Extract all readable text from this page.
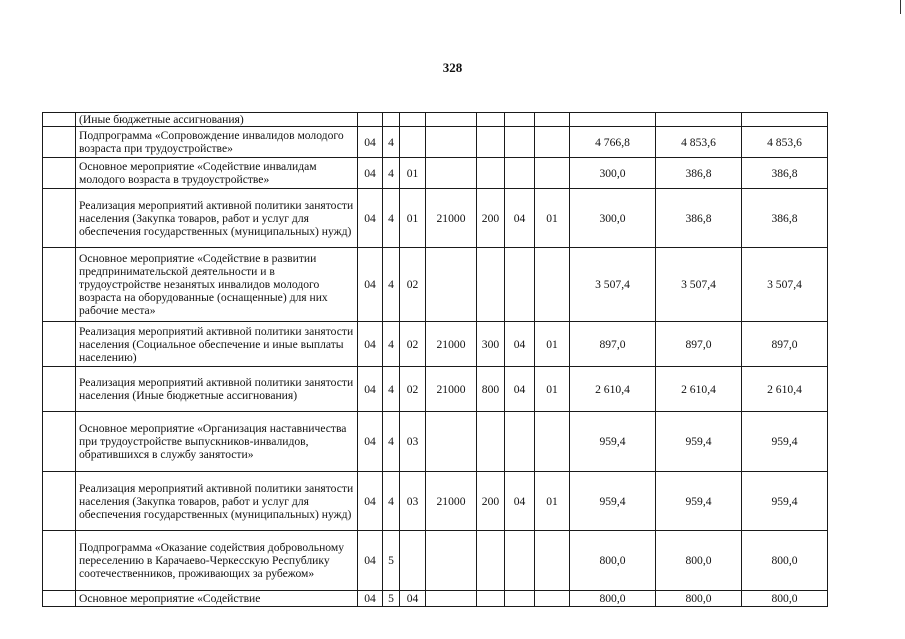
328
	(Иные бюджетные ассигнования)										
	Подпрограмма «Сопровождение инвалидов молодого возраста при трудоустройстве»	04	4						4 766,8	4 853,6	4 853,6
	Основное мероприятие «Содействие инвалидам молодого возраста в трудоустройстве»	04	4	01					300,0	386,8	386,8
	Реализация мероприятий активной политики занятости населения (Закупка товаров, работ и услуг для обеспечения государственных (муниципальных) нужд)	04	4	01	21000	200	04	01	300,0	386,8	386,8
	Основное мероприятие «Содействие в развитии предпринимательской деятельности и в трудоустройстве незанятых инвалидов молодого возраста на оборудованные (оснащенные) для них рабочие места»	04	4	02					3 507,4	3 507,4	3 507,4
	Реализация мероприятий активной политики занятости населения (Социальное обеспечение и иные выплаты населению)	04	4	02	21000	300	04	01	897,0	897,0	897,0
	Реализация мероприятий активной политики занятости населения (Иные бюджетные ассигнования)	04	4	02	21000	800	04	01	2 610,4	2 610,4	2 610,4
	Основное мероприятие «Организация наставничества при трудоустройстве выпускников-инвалидов, обратившихся в службу занятости»	04	4	03					959,4	959,4	959,4
	Реализация мероприятий активной политики занятости населения (Закупка товаров, работ и услуг для обеспечения государственных (муниципальных) нужд)	04	4	03	21000	200	04	01	959,4	959,4	959,4
	Подпрограмма «Оказание содействия добровольному переселению в Карачаево-Черкесскую Республику соотечественников, проживающих за рубежом»	04	5						800,0	800,0	800,0
	Основное мероприятие «Содействие	04	5	04					800,0	800,0	800,0
